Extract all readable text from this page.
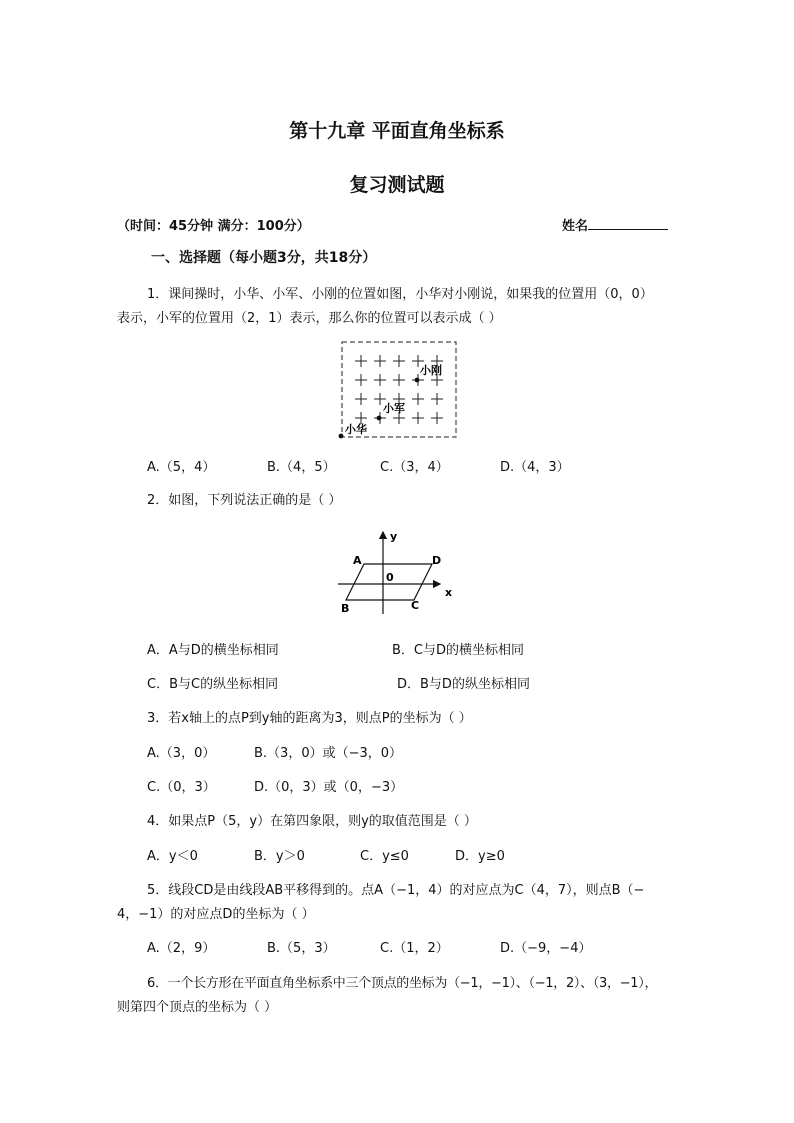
第十九章 平面直角坐标系
复习测试题
（时间：45分钟 满分：100分）	姓名
一、选择题（每小题3分，共18分）
1．课间操时，小华、小军、小刚的位置如图，小华对小刚说，如果我的位置用（0，0）
表示，小军的位置用（2，1）表示，那么你的位置可以表示成（ ）
小刚
小军
小华
A.（5，4）	B.（4，5）	C.（3，4）	D.（4，3）
2．如图，下列说法正确的是（ ）
y
A	D
0
x
B	C
A．A与D的横坐标相同	B．C与D的横坐标相同
C．B与C的纵坐标相同	D．B与D的纵坐标相同
3．若x轴上的点P到y轴的距离为3，则点P的坐标为（ ）
A.（3，0）	B.（3，0）或（−3，0）
C.（0，3）	D.（0，3）或（0，−3）
4．如果点P（5，y）在第四象限，则y的取值范围是（ ）
A．y＜0	B．y＞0	C．y≤0	D．y≥0
5．线段CD是由线段AB平移得到的。点A（−1，4）的对应点为C（4，7），则点B（−
4，−1）的对应点D的坐标为（ ）
A.（2，9）	B.（5，3）	C.（1，2）	D.（−9，−4）
6．一个长方形在平面直角坐标系中三个顶点的坐标为（−1，−1）、（−1，2）、（3，−1），
则第四个顶点的坐标为（ ）
